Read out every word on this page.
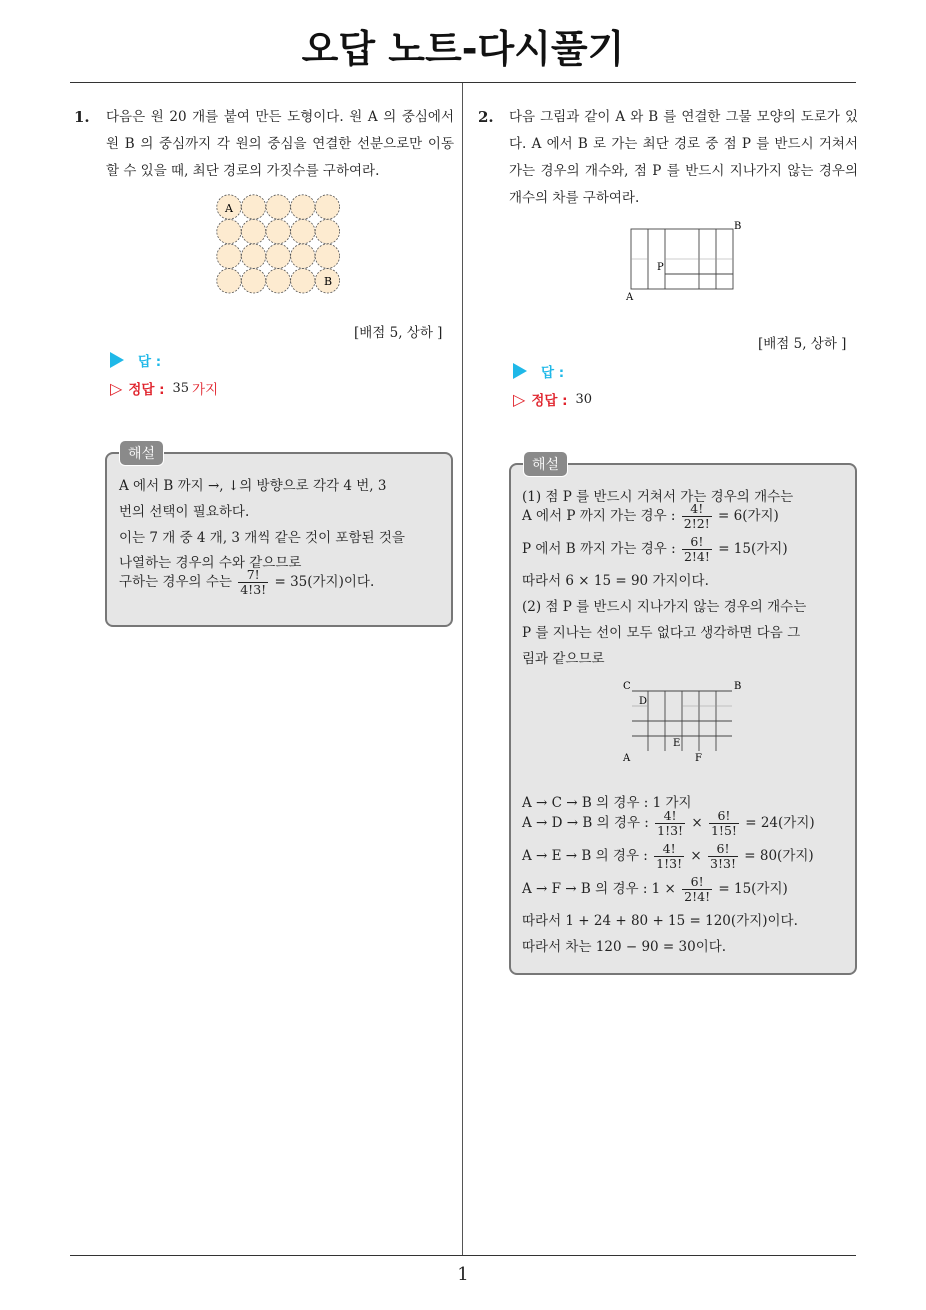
오답 노트-다시풀기
1. 다음은 원 20 개를 붙여 만든 도형이다. 원 A 의 중심에서 원 B 의 중심까지 각 원의 중심을 연결한 선분으로만 이동할 수 있을 때, 최단 경로의 가짓수를 구하여라.
A
B
[배점 5, 상하 ]
답 :
▷ 정답 : 35 가지
해설
A 에서 B 까지 →, ↓의 방향으로 각각 4 번, 3
번의 선택이 필요하다.
이는 7 개 중 4 개, 3 개씩 같은 것이 포함된 것을
나열하는 경우의 수와 같으므로
구하는 경우의 수는 $\frac{7!}{4!3!} = 35$(가지)이다.
2. 다음 그림과 같이 A 와 B 를 연결한 그물 모양의 도로가 있다. A 에서 B 로 가는 최단 경로 중 점 P 를 반드시 거쳐서 가는 경우의 개수와, 점 P 를 반드시 지나가지 않는 경우의 개수의 차를 구하여라.
B
P
A
[배점 5, 상하 ]
답 :
▷ 정답 : 30
해설
(1) 점 P 를 반드시 거쳐서 가는 경우의 개수는
A 에서 P 까지 가는 경우 : $\frac{4!}{2!2!} = 6$(가지)
P 에서 B 까지 가는 경우 : $\frac{6!}{2!4!} = 15$(가지)
따라서 6 × 15 = 90 가지이다.
(2) 점 P 를 반드시 지나가지 않는 경우의 개수는
P 를 지나는 선이 모두 없다고 생각하면 다음 그
림과 같으므로
C	B
D
E
A	F
A → C → B 의 경우 : 1 가지
A → D → B 의 경우 : $\frac{4!}{1!3!} \times \frac{6!}{1!5!} = 24$(가지)
A → E → B 의 경우 : $\frac{4!}{1!3!} \times \frac{6!}{3!3!} = 80$(가지)
A → F → B 의 경우 : $1 \times \frac{6!}{2!4!} = 15$(가지)
따라서 1 + 24 + 80 + 15 = 120(가지)이다.
따라서 차는 120 − 90 = 30이다.
1
